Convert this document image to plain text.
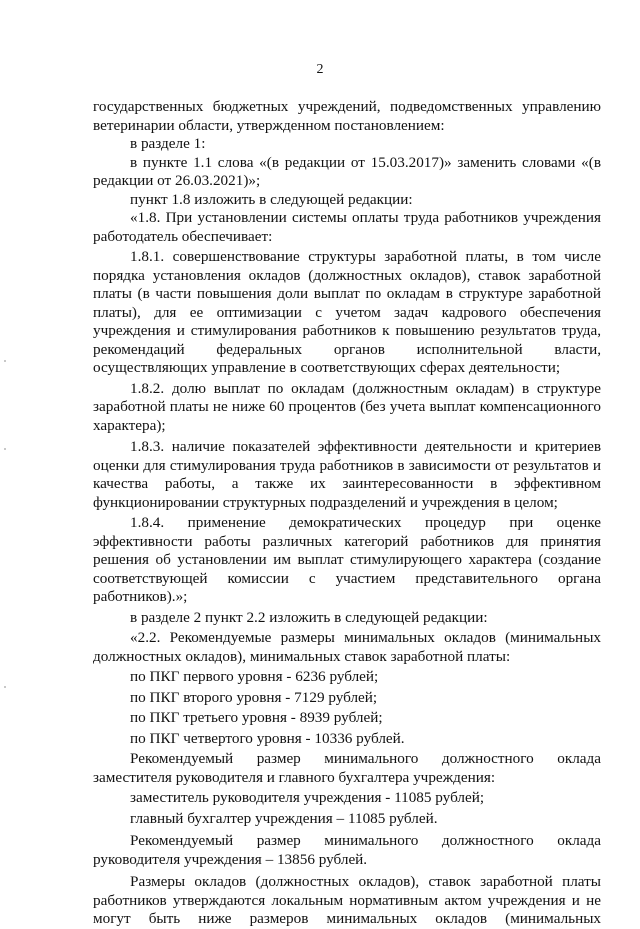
2

государственных бюджетных учреждений, подведомственных управлению ветеринарии области, утвержденном постановлением:

в разделе 1:

в пункте 1.1 слова «(в редакции от 15.03.2017)» заменить словами «(в редакции от 26.03.2021)»;

пункт 1.8 изложить в следующей редакции:

«1.8. При установлении системы оплаты труда работников учреждения работодатель обеспечивает:

1.8.1. совершенствование структуры заработной платы, в том числе порядка установления окладов (должностных окладов), ставок заработной платы (в части повышения доли выплат по окладам в структуре заработной платы), для ее оптимизации с учетом задач кадрового обеспечения учреждения и стимулирования работников к повышению результатов труда, рекомендаций федеральных органов исполнительной власти, осуществляющих управление в соответствующих сферах деятельности;

1.8.2. долю выплат по окладам (должностным окладам) в структуре заработной платы не ниже 60 процентов (без учета выплат компенсационного характера);

1.8.3. наличие показателей эффективности деятельности и критериев оценки для стимулирования труда работников в зависимости от результатов и качества работы, а также их заинтересованности в эффективном функционировании структурных подразделений и учреждения в целом;

1.8.4. применение демократических процедур при оценке эффективности работы различных категорий работников для принятия решения об установлении им выплат стимулирующего характера (создание соответствующей комиссии с участием представительного органа работников).»;

в разделе 2 пункт 2.2 изложить в следующей редакции:

«2.2. Рекомендуемые размеры минимальных окладов (минимальных должностных окладов), минимальных ставок заработной платы:

по ПКГ первого уровня - 6236 рублей;

по ПКГ второго уровня - 7129 рублей;

по ПКГ третьего уровня - 8939 рублей;

по ПКГ четвертого уровня - 10336 рублей.

Рекомендуемый размер минимального должностного оклада заместителя руководителя и главного бухгалтера учреждения:

заместитель руководителя учреждения - 11085 рублей;

главный бухгалтер учреждения – 11085 рублей.

Рекомендуемый размер минимального должностного оклада руководителя учреждения – 13856 рублей.

Размеры окладов (должностных окладов), ставок заработной платы работников утверждаются локальным нормативным актом учреждения и не могут быть ниже размеров минимальных окладов (минимальных
